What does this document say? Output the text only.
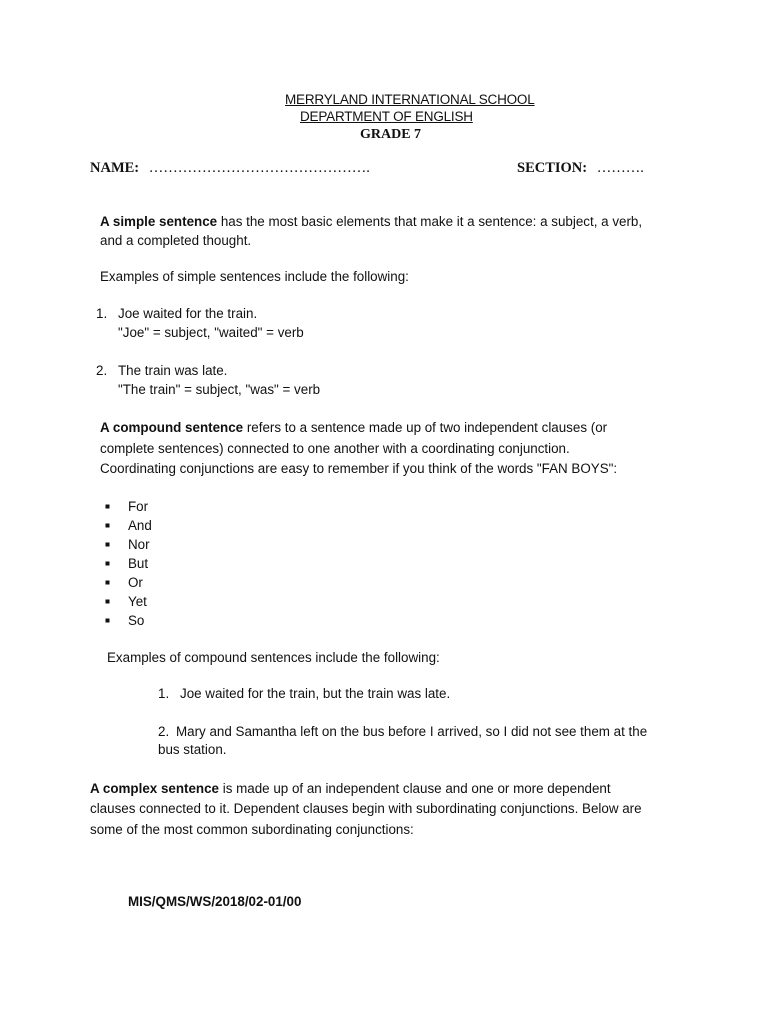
MERRYLAND INTERNATIONAL SCHOOL
DEPARTMENT OF ENGLISH
GRADE 7
NAME: ……………………………………….	SECTION: ……….
A simple sentence has the most basic elements that make it a sentence: a subject, a verb,
and a completed thought.
Examples of simple sentences include the following:
1. Joe waited for the train.
"Joe" = subject, "waited" = verb
2. The train was late.
"The train" = subject, "was" = verb
A compound sentence refers to a sentence made up of two independent clauses (or
complete sentences) connected to one another with a coordinating conjunction.
Coordinating conjunctions are easy to remember if you think of the words "FAN BOYS":
For
And
Nor
But
Or
Yet
So
Examples of compound sentences include the following:
1. Joe waited for the train, but the train was late.
2. Mary and Samantha left on the bus before I arrived, so I did not see them at the
bus station.
A complex sentence is made up of an independent clause and one or more dependent
clauses connected to it. Dependent clauses begin with subordinating conjunctions. Below are
some of the most common subordinating conjunctions:
MIS/QMS/WS/2018/02-01/00
